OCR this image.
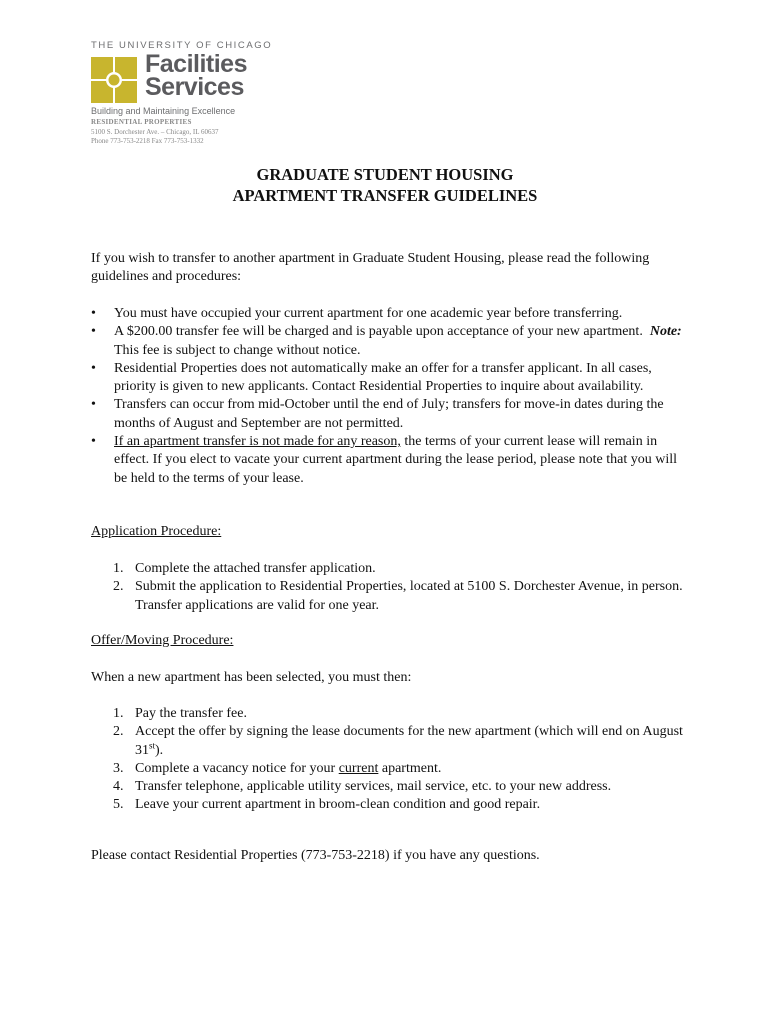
THE UNIVERSITY OF CHICAGO
Facilities
Services
Building and Maintaining Excellence
RESIDENTIAL PROPERTIES
5100 S. Dorchester Ave. – Chicago, IL 60637
Phone 773-753-2218 Fax 773-753-1332
GRADUATE STUDENT HOUSING
APARTMENT TRANSFER GUIDELINES
If you wish to transfer to another apartment in Graduate Student Housing, please read the following guidelines and procedures:
• You must have occupied your current apartment for one academic year before transferring.
• A $200.00 transfer fee will be charged and is payable upon acceptance of your new apartment. Note: This fee is subject to change without notice.
• Residential Properties does not automatically make an offer for a transfer applicant. In all cases, priority is given to new applicants. Contact Residential Properties to inquire about availability.
• Transfers can occur from mid-October until the end of July; transfers for move-in dates during the months of August and September are not permitted.
• If an apartment transfer is not made for any reason, the terms of your current lease will remain in effect. If you elect to vacate your current apartment during the lease period, please note that you will be held to the terms of your lease.
Application Procedure:
1. Complete the attached transfer application.
2. Submit the application to Residential Properties, located at 5100 S. Dorchester Avenue, in person. Transfer applications are valid for one year.
Offer/Moving Procedure:
When a new apartment has been selected, you must then:
1. Pay the transfer fee.
2. Accept the offer by signing the lease documents for the new apartment (which will end on August 31st).
3. Complete a vacancy notice for your current apartment.
4. Transfer telephone, applicable utility services, mail service, etc. to your new address.
5. Leave your current apartment in broom-clean condition and good repair.
Please contact Residential Properties (773-753-2218) if you have any questions.
